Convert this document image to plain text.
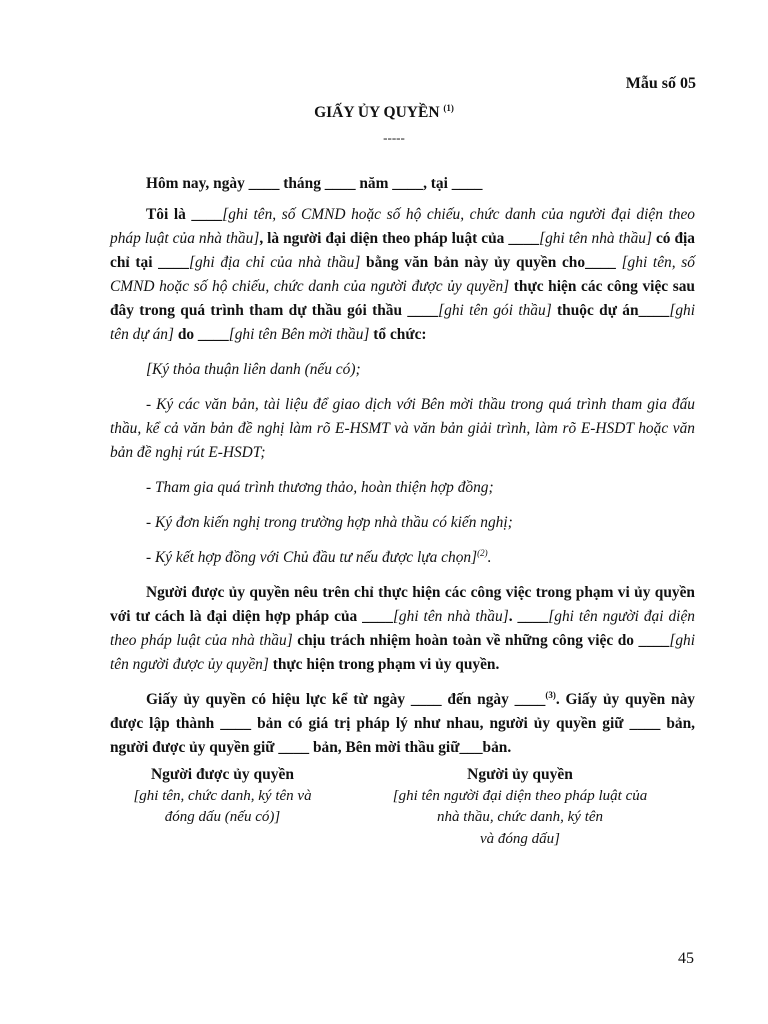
Mẫu số 05

GIẤY ỦY QUYỀN $^{(1)}$

-----

Hôm nay, ngày ____ tháng ____ năm ____, tại ____

Tôi là ____[ghi tên, số CMND hoặc số hộ chiếu, chức danh của người đại diện theo pháp luật của nhà thầu], là người đại diện theo pháp luật của ____[ghi tên nhà thầu] có địa chỉ tại ____[ghi địa chỉ của nhà thầu] bằng văn bản này ủy quyền cho____ [ghi tên, số CMND hoặc số hộ chiếu, chức danh của người được ủy quyền] thực hiện các công việc sau đây trong quá trình tham dự thầu gói thầu ____[ghi tên gói thầu] thuộc dự án____[ghi tên dự án] do ____[ghi tên Bên mời thầu] tổ chức:

[Ký thỏa thuận liên danh (nếu có);

- Ký các văn bản, tài liệu để giao dịch với Bên mời thầu trong quá trình tham gia đấu thầu, kể cả văn bản đề nghị làm rõ E-HSMT và văn bản giải trình, làm rõ E-HSDT hoặc văn bản đề nghị rút E-HSDT;

- Tham gia quá trình thương thảo, hoàn thiện hợp đồng;

- Ký đơn kiến nghị trong trường hợp nhà thầu có kiến nghị;

- Ký kết hợp đồng với Chủ đầu tư nếu được lựa chọn]$^{(2)}$.

Người được ủy quyền nêu trên chỉ thực hiện các công việc trong phạm vi ủy quyền với tư cách là đại diện hợp pháp của ____[ghi tên nhà thầu]. ____[ghi tên người đại diện theo pháp luật của nhà thầu] chịu trách nhiệm hoàn toàn về những công việc do ____[ghi tên người được ủy quyền] thực hiện trong phạm vi ủy quyền.

Giấy ủy quyền có hiệu lực kể từ ngày ____ đến ngày ____$^{(3)}$. Giấy ủy quyền này được lập thành ____ bản có giá trị pháp lý như nhau, người ủy quyền giữ ____ bản, người được ủy quyền giữ ____ bản, Bên mời thầu giữ___bản.

Người được ủy quyền
[ghi tên, chức danh, ký tên và
đóng dấu (nếu có)]
Người ủy quyền
[ghi tên người đại diện theo pháp luật của
nhà thầu, chức danh, ký tên
và đóng dấu]

45
